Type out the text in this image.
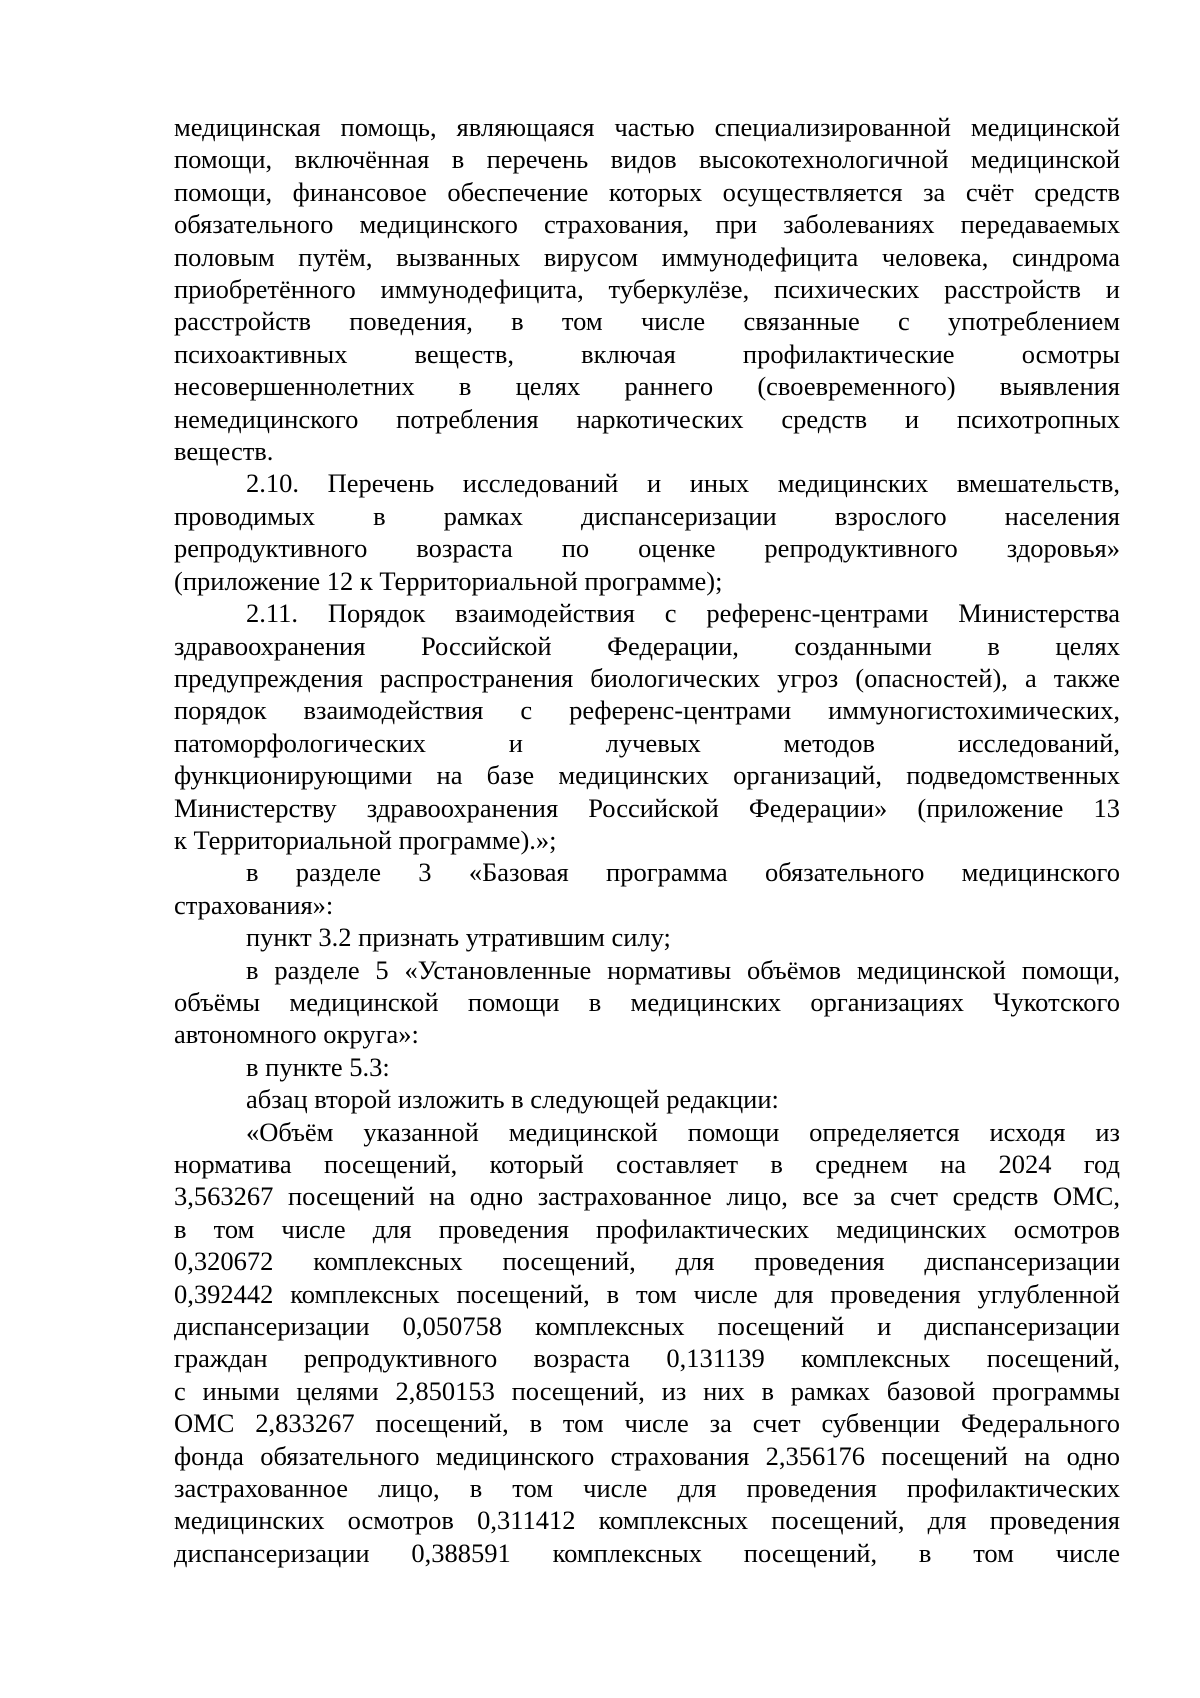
медицинская помощь, являющаяся частью специализированной медицинской
помощи, включённая в перечень видов высокотехнологичной медицинской
помощи, финансовое обеспечение которых осуществляется за счёт средств
обязательного медицинского страхования, при заболеваниях передаваемых
половым путём, вызванных вирусом иммунодефицита человека, синдрома
приобретённого иммунодефицита, туберкулёзе, психических расстройств и
расстройств поведения, в том числе связанные с употреблением
психоактивных веществ, включая профилактические осмотры
несовершеннолетних в целях раннего (своевременного) выявления
немедицинского потребления наркотических средств и психотропных
веществ.
2.10. Перечень исследований и иных медицинских вмешательств,
проводимых в рамках диспансеризации взрослого населения
репродуктивного возраста по оценке репродуктивного здоровья»
(приложение 12 к Территориальной программе);
2.11. Порядок взаимодействия с референс-центрами Министерства
здравоохранения Российской Федерации, созданными в целях
предупреждения распространения биологических угроз (опасностей), а также
порядок взаимодействия с референс-центрами иммуногистохимических,
патоморфологических и лучевых методов исследований,
функционирующими на базе медицинских организаций, подведомственных
Министерству здравоохранения Российской Федерации» (приложение 13
к Территориальной программе).»;
в разделе 3 «Базовая программа обязательного медицинского
страхования»:
пункт 3.2 признать утратившим силу;
в разделе 5 «Установленные нормативы объёмов медицинской помощи,
объёмы медицинской помощи в медицинских организациях Чукотского
автономного округа»:
в пункте 5.3:
абзац второй изложить в следующей редакции:
«Объём указанной медицинской помощи определяется исходя из
норматива посещений, который составляет в среднем на 2024 год
3,563267 посещений на одно застрахованное лицо, все за счет средств ОМС,
в том числе для проведения профилактических медицинских осмотров
0,320672 комплексных посещений, для проведения диспансеризации
0,392442 комплексных посещений, в том числе для проведения углубленной
диспансеризации 0,050758 комплексных посещений и диспансеризации
граждан репродуктивного возраста 0,131139 комплексных посещений,
с иными целями 2,850153 посещений, из них в рамках базовой программы
ОМС 2,833267 посещений, в том числе за счет субвенции Федерального
фонда обязательного медицинского страхования 2,356176 посещений на одно
застрахованное лицо, в том числе для проведения профилактических
медицинских осмотров 0,311412 комплексных посещений, для проведения
диспансеризации 0,388591 комплексных посещений, в том числе
